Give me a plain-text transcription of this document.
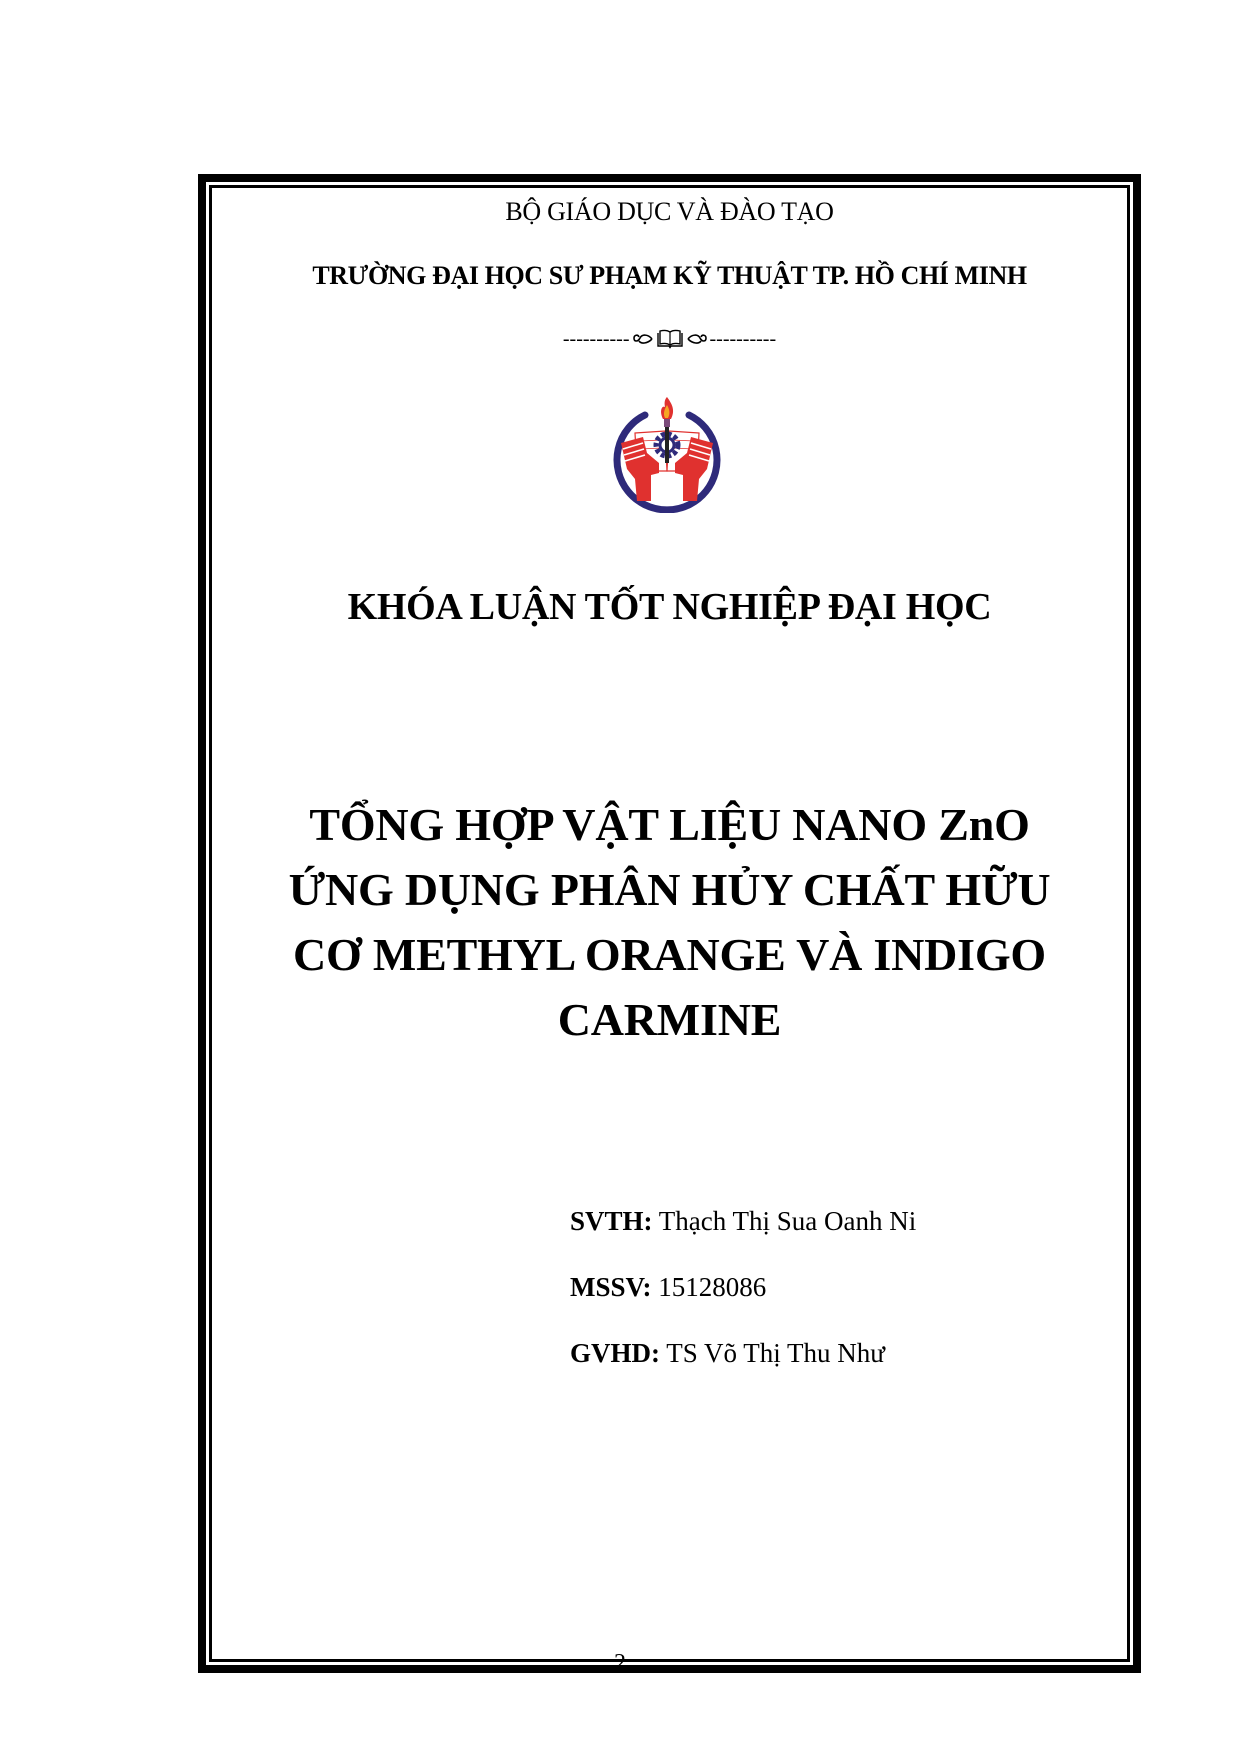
2
BỘ GIÁO DỤC VÀ ĐÀO TẠO
TRƯỜNG ĐẠI HỌC SƯ PHẠM KỸ THUẬT TP. HỒ CHÍ MINH
----------	----------
KHÓA LUẬN TỐT NGHIỆP ĐẠI HỌC
TỔNG HỢP VẬT LIỆU NANO ZnO
ỨNG DỤNG PHÂN HỦY CHẤT HỮU
CƠ METHYL ORANGE VÀ INDIGO
CARMINE
SVTH: Thạch Thị Sua Oanh Ni
MSSV: 15128086
GVHD: TS Võ Thị Thu Như
